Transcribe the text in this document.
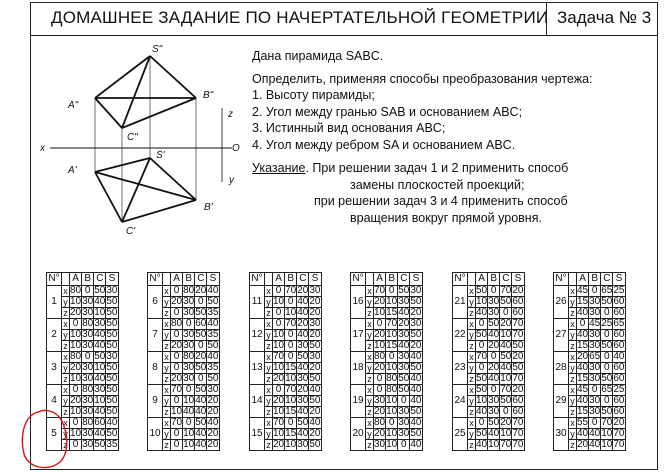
ДОМАШНЕЕ ЗАДАНИЕ ПО НАЧЕРТАТЕЛЬНОЙ ГЕОМЕТРИИ Задача № 3
S"
A"
B"
C"
S'
A'
B'
C'
x	O
z
y
Дана пирамида SABC.
Определить, применяя способы преобразования чертежа:
1. Высоту пирамиды;
2. Угол между гранью SAB и основанием ABC;
3. Истинный вид основания ABC;
4. Угол между ребром SA и основанием ABC.
Указание. При решении задач 1 и 2 применить способ
замены плоскостей проекций;
при решении задач 3 и 4 применить способ
вращения вокруг прямой уровня.
N°		A	B	C	S
1	x	80	0	50	30
	y	10	30	40	50
	z	20	30	10	50
2	x	0	80	30	50
	y	10	30	40	50
	z	10	30	40	50
3	x	80	0	50	30
	y	20	30	10	50
	z	10	30	40	50
4	x	0	80	30	50
	y	20	30	10	50
	z	10	30	40	50
5	x	0	80	60	40
	y	10	30	40	50
	z	0	30	50	35
N°		A	B	C	S
6	x	0	80	20	40
	y	20	30	0	50
	z	0	30	50	35
7	x	80	0	60	40
	y	0	30	50	35
	z	20	30	0	50
8	x	0	80	20	40
	y	0	30	50	35
	z	20	30	0	50
9	x	70	0	50	30
	y	0	10	40	20
	z	10	40	40	20
10	x	70	0	50	40
	y	0	10	40	20
	z	0	10	40	20
N°		A	B	C	S
11	x	0	70	20	30
	y	10	0	40	20
	z	0	10	40	20
12	x	0	70	20	30
	y	10	0	40	20
	z	10	0	30	50
13	x	70	0	50	30
	y	10	15	40	20
	z	20	10	30	50
14	x	0	70	20	40
	y	20	10	30	50
	z	10	15	40	20
15	x	70	0	50	40
	y	10	15	40	20
	z	20	10	30	50
N°		A	B	C	S
16	x	70	0	50	30
	y	20	10	30	50
	z	10	15	40	20
17	x	0	70	20	30
	y	20	10	30	50
	z	10	15	40	20
18	x	80	0	30	40
	y	20	10	30	50
	z	0	80	50	40
19	x	0	80	50	40
	y	30	10	0	40
	z	20	10	30	50
20	x	80	0	30	40
	y	20	10	30	50
	z	30	10	0	40
N°		A	B	C	S
21	x	50	0	70	20
	y	10	30	50	60
	z	40	30	0	60
22	x	0	50	20	70
	y	50	40	10	70
	z	0	20	40	50
23	x	70	0	50	20
	y	0	20	40	50
	z	50	40	10	70
24	x	50	0	70	20
	y	10	30	50	60
	z	40	30	0	60
25	x	0	50	20	70
	y	50	40	10	70
	z	40	10	70	70
N°		A	B	C	S
26	x	45	0	65	25
	y	15	30	50	60
	z	40	30	0	60
27	x	0	45	25	65
	y	40	30	0	60
	z	15	30	50	60
28	x	20	65	0	40
	y	40	30	0	60
	z	15	30	50	60
29	x	45	0	65	25
	y	40	30	0	60
	z	15	30	50	60
30	x	55	0	70	20
	y	40	40	10	70
	z	20	40	10	70
